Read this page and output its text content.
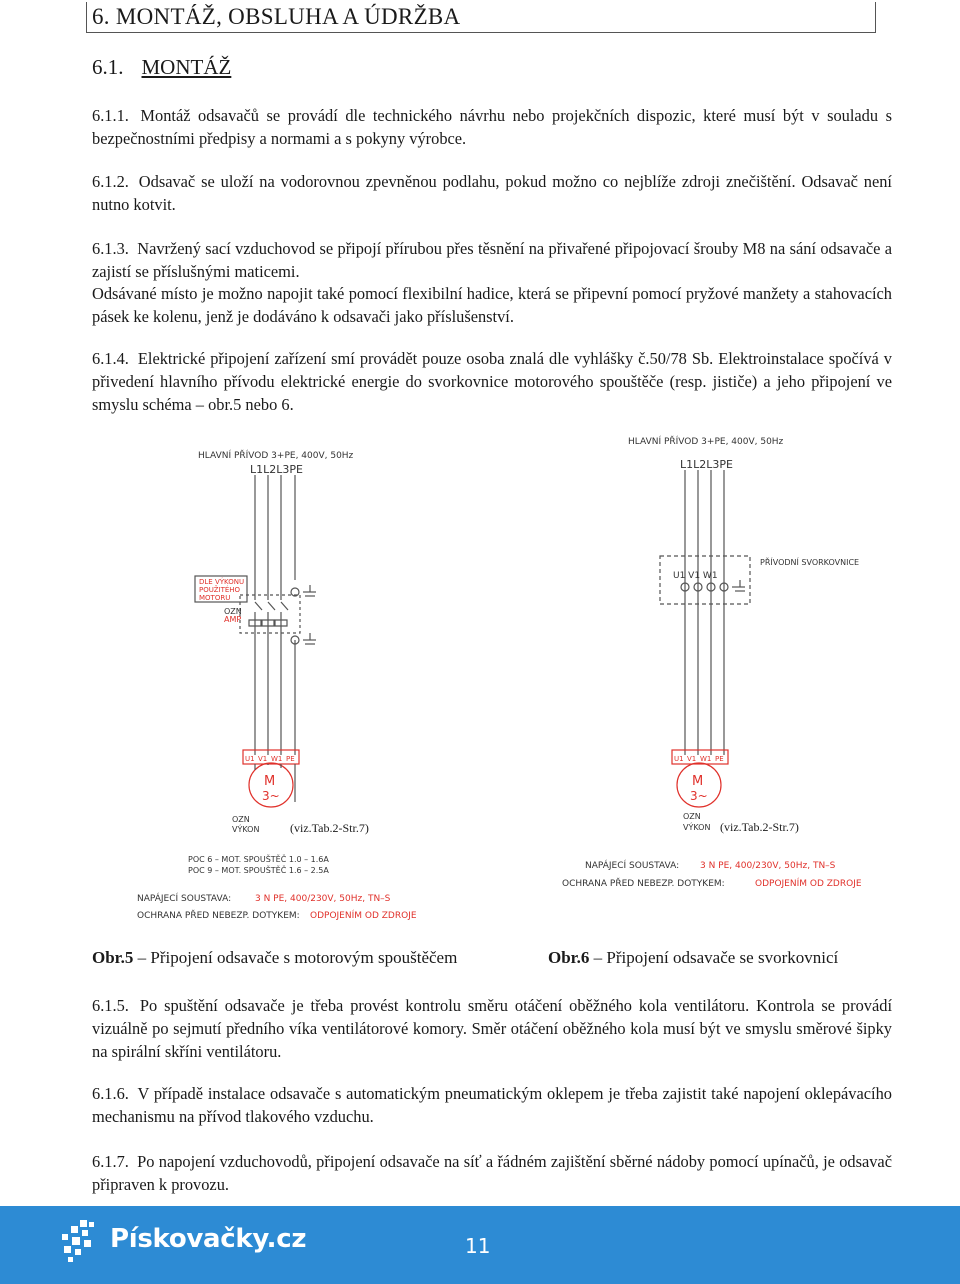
6. MONTÁŽ, OBSLUHA A ÚDRŽBA
6.1. MONTÁŽ
6.1.1. Montáž odsavačů se provádí dle technického návrhu nebo projekčních dispozic, které musí být v souladu s bezpečnostními předpisy a normami a s pokyny výrobce.
6.1.2. Odsavač se uloží na vodorovnou zpevněnou podlahu, pokud možno co nejblíže zdroji znečištění. Odsavač není nutno kotvit.
6.1.3. Navržený sací vzduchovod se připojí přírubou přes těsnění na přivařené připojovací šrouby M8 na sání odsavače a zajistí se příslušnými maticemi.
Odsávané místo je možno napojit také pomocí flexibilní hadice, která se připevní pomocí pryžové manžety a stahovacích pásek ke kolenu, jenž je dodáváno k odsavači jako příslušenství.
6.1.4. Elektrické připojení zařízení smí provádět pouze osoba znalá dle vyhlášky č.50/78 Sb. Elektroinstalace spočívá v přivedení hlavního přívodu elektrické energie do svorkovnice motorového spouštěče (resp. jističe) a jeho připojení ve smyslu schéma – obr.5 nebo 6.
HLAVNÍ PŘÍVOD 3+PE, 400V, 50Hz
L1L2L3PE
DLE VÝKONU
POUŽITÉHO
MOTORU
OZN
AMP
U1 V1 W1 PE
M
3~
OZN
VÝKON	(viz.Tab.2-Str.7)
POC 6 – MOT. SPOUŠTĚČ 1.0 – 1.6A
POC 9 – MOT. SPOUŠTĚČ 1.6 – 2.5A
NAPÁJECÍ SOUSTAVA:	3 N PE, 400/230V, 50Hz, TN–S
OCHRANA PŘED NEBEZP. DOTYKEM: ODPOJENÍM OD ZDROJE
HLAVNÍ PŘÍVOD 3+PE, 400V, 50Hz
L1L2L3PE
PŘÍVODNÍ SVORKOVNICE
U1 V1 W1
U1 V1 W1 PE
M
3~
OZN
VÝKON (viz.Tab.2-Str.7)
NAPÁJECÍ SOUSTAVA: 3 N PE, 400/230V, 50Hz, TN–S
OCHRANA PŘED NEBEZP. DOTYKEM:	ODPOJENÍM OD ZDROJE
Obr.5 – Připojení odsavače s motorovým spouštěčem	Obr.6 – Připojení odsavače se svorkovnicí
6.1.5. Po spuštění odsavače je třeba provést kontrolu směru otáčení oběžného kola ventilátoru. Kontrola se provádí vizuálně po sejmutí předního víka ventilátorové komory. Směr otáčení oběžného kola musí být ve smyslu směrové šipky na spirální skříni ventilátoru.
6.1.6. V případě instalace odsavače s automatickým pneumatickým oklepem je třeba zajistit také napojení oklepávacího mechanismu na přívod tlakového vzduchu.
6.1.7. Po napojení vzduchovodů, připojení odsavače na síť a řádném zajištění sběrné nádoby pomocí upínačů, je odsavač připraven k provozu.
Pískovačky.cz	11
